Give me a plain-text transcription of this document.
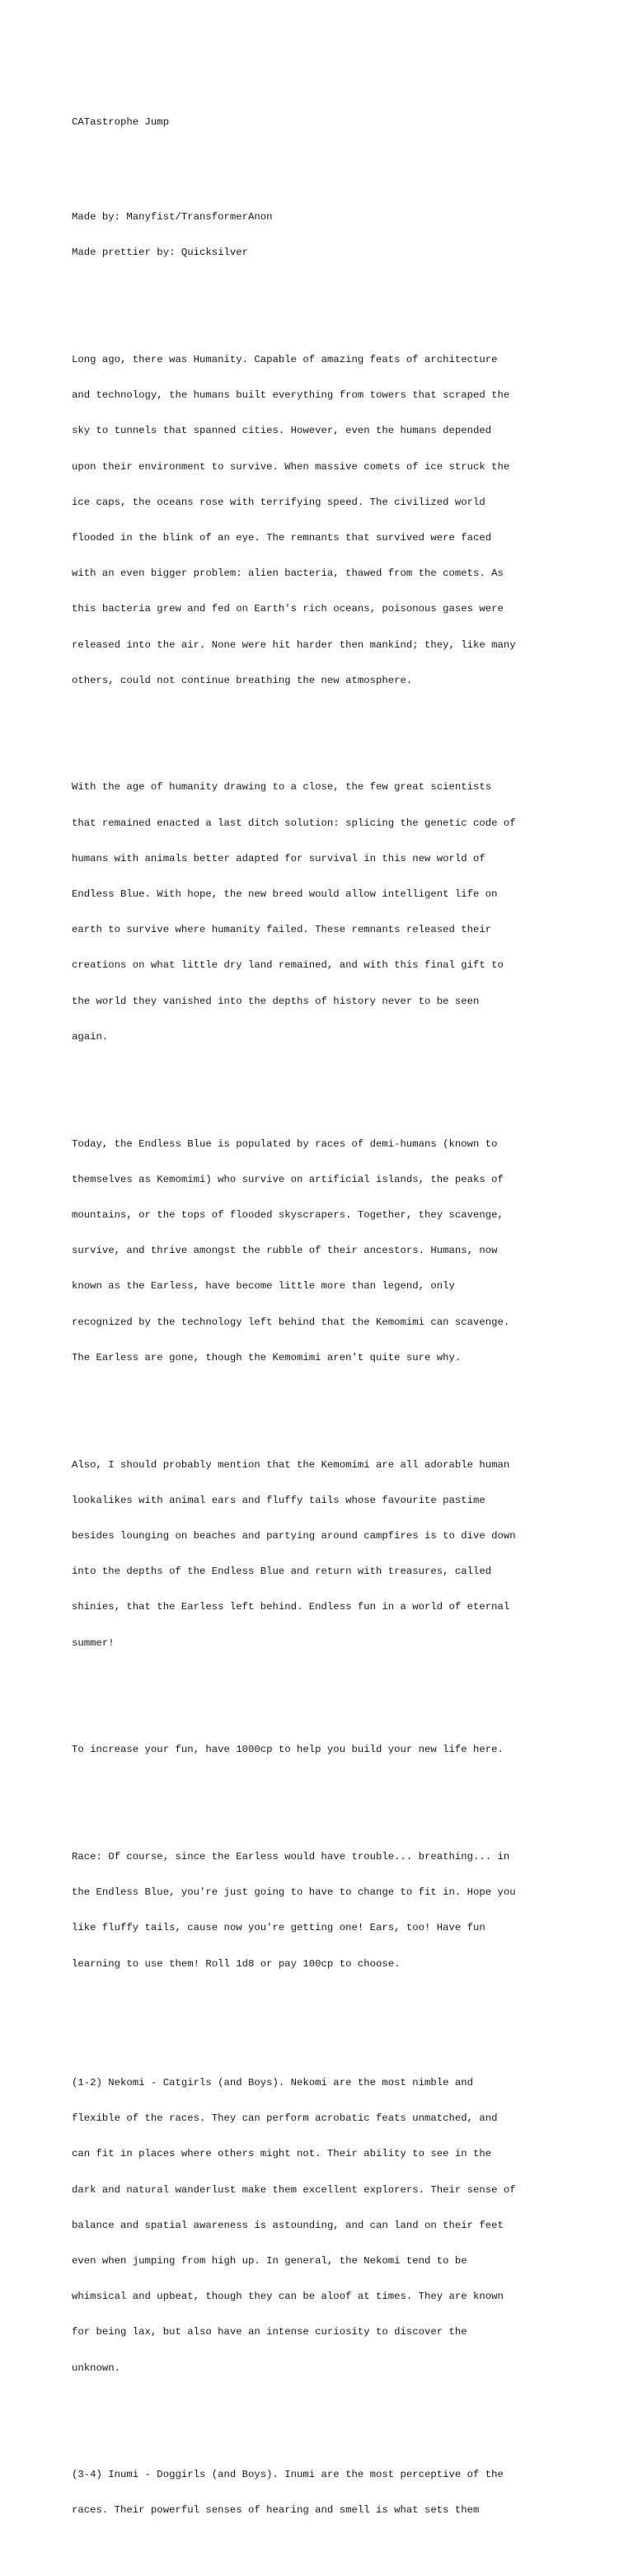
CATastrophe Jump

Made by: Manyfist/TransformerAnon

Made prettier by: Quicksilver

Long ago, there was Humanity. Capable of amazing feats of architecture

and technology, the humans built everything from towers that scraped the

sky to tunnels that spanned cities. However, even the humans depended

upon their environment to survive. When massive comets of ice struck the

ice caps, the oceans rose with terrifying speed. The civilized world

flooded in the blink of an eye. The remnants that survived were faced

with an even bigger problem: alien bacteria, thawed from the comets. As

this bacteria grew and fed on Earth's rich oceans, poisonous gases were

released into the air. None were hit harder then mankind; they, like many

others, could not continue breathing the new atmosphere.

With the age of humanity drawing to a close, the few great scientists

that remained enacted a last ditch solution: splicing the genetic code of

humans with animals better adapted for survival in this new world of

Endless Blue. With hope, the new breed would allow intelligent life on

earth to survive where humanity failed. These remnants released their

creations on what little dry land remained, and with this final gift to

the world they vanished into the depths of history never to be seen

again.

Today, the Endless Blue is populated by races of demi-humans (known to

themselves as Kemomimi) who survive on artificial islands, the peaks of

mountains, or the tops of flooded skyscrapers. Together, they scavenge,

survive, and thrive amongst the rubble of their ancestors. Humans, now

known as the Earless, have become little more than legend, only

recognized by the technology left behind that the Kemomimi can scavenge.

The Earless are gone, though the Kemomimi aren't quite sure why.

Also, I should probably mention that the Kemomimi are all adorable human

lookalikes with animal ears and fluffy tails whose favourite pastime

besides lounging on beaches and partying around campfires is to dive down

into the depths of the Endless Blue and return with treasures, called

shinies, that the Earless left behind. Endless fun in a world of eternal

summer!

To increase your fun, have 1000cp to help you build your new life here.

Race: Of course, since the Earless would have trouble... breathing... in

the Endless Blue, you're just going to have to change to fit in. Hope you

like fluffy tails, cause now you're getting one! Ears, too! Have fun

learning to use them! Roll 1d8 or pay 100cp to choose.

(1-2) Nekomi - Catgirls (and Boys). Nekomi are the most nimble and

flexible of the races. They can perform acrobatic feats unmatched, and

can fit in places where others might not. Their ability to see in the

dark and natural wanderlust make them excellent explorers. Their sense of

balance and spatial awareness is astounding, and can land on their feet

even when jumping from high up. In general, the Nekomi tend to be

whimsical and upbeat, though they can be aloof at times. They are known

for being lax, but also have an intense curiosity to discover the

unknown.

(3-4) Inumi - Doggirls (and Boys). Inumi are the most perceptive of the

races. Their powerful senses of hearing and smell is what sets them
